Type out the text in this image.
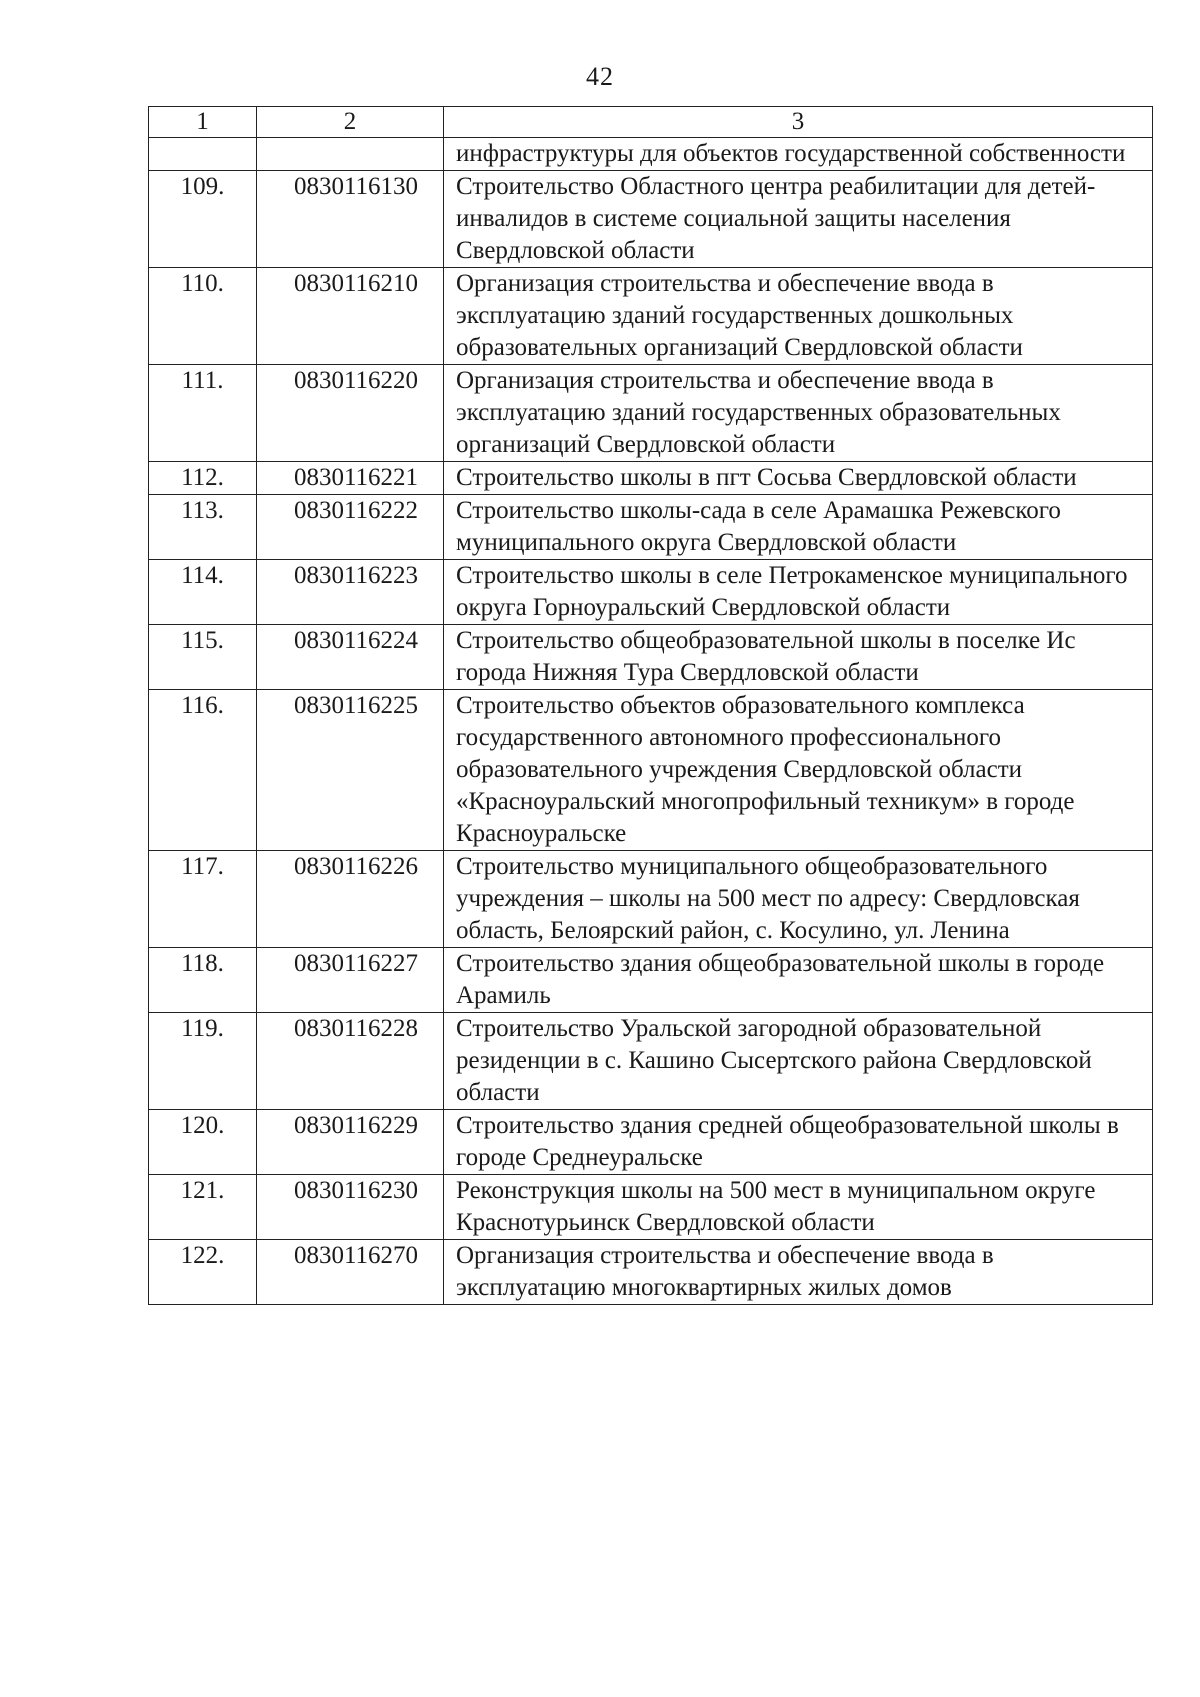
42
1	2	3
		инфраструктуры для объектов государственной собственности
109.	0830116130	Строительство Областного центра реабилитации для детей-инвалидов в системе социальной защиты населения Свердловской области
110.	0830116210	Организация строительства и обеспечение ввода в эксплуатацию зданий государственных дошкольных образовательных организаций Свердловской области
111.	0830116220	Организация строительства и обеспечение ввода в эксплуатацию зданий государственных образовательных организаций Свердловской области
112.	0830116221	Строительство школы в пгт Сосьва Свердловской области
113.	0830116222	Строительство школы-сада в селе Арамашка Режевского муниципального округа Свердловской области
114.	0830116223	Строительство школы в селе Петрокаменское муниципального округа Горноуральский Свердловской области
115.	0830116224	Строительство общеобразовательной школы в поселке Ис города Нижняя Тура Свердловской области
116.	0830116225	Строительство объектов образовательного комплекса государственного автономного профессионального образовательного учреждения Свердловской области «Красноуральский многопрофильный техникум» в городе Красноуральске
117.	0830116226	Строительство муниципального общеобразовательного учреждения – школы на 500 мест по адресу: Свердловская область, Белоярский район, с. Косулино, ул. Ленина
118.	0830116227	Строительство здания общеобразовательной школы в городе Арамиль
119.	0830116228	Строительство Уральской загородной образовательной резиденции в с. Кашино Сысертского района Свердловской области
120.	0830116229	Строительство здания средней общеобразовательной школы в городе Среднеуральске
121.	0830116230	Реконструкция школы на 500 мест в муниципальном округе Краснотурьинск Свердловской области
122.	0830116270	Организация строительства и обеспечение ввода в эксплуатацию многоквартирных жилых домов
